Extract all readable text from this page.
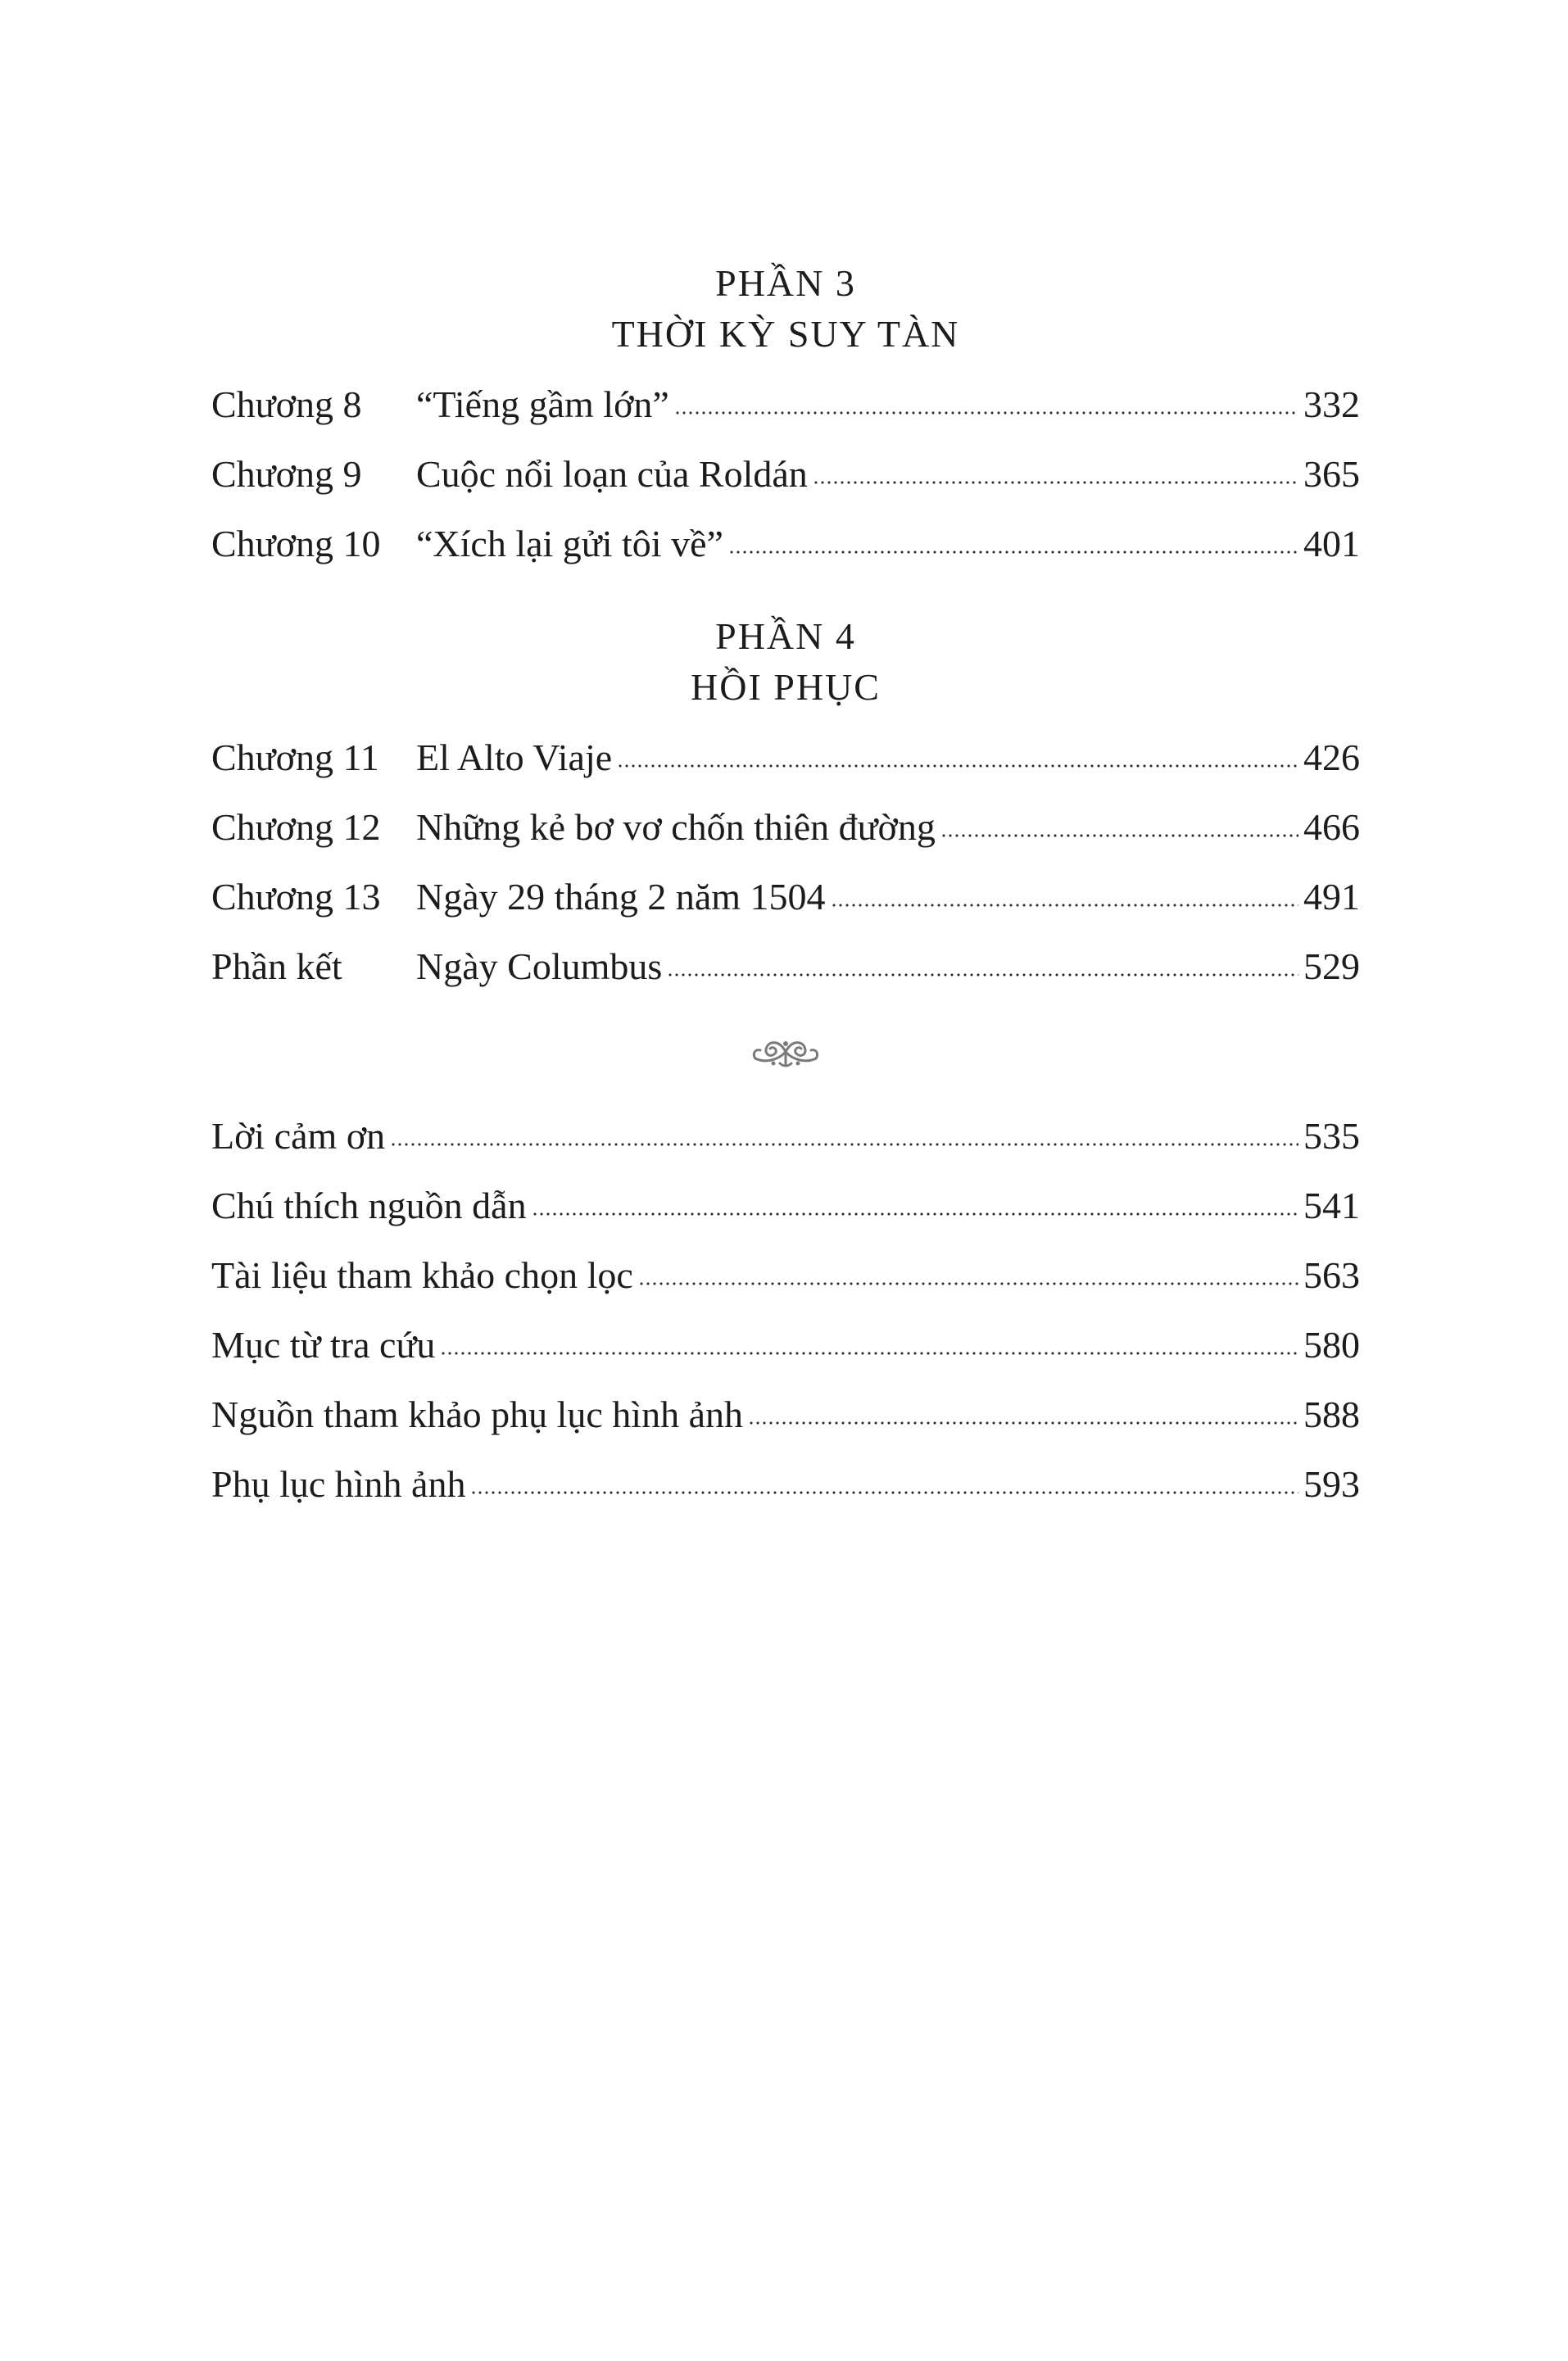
PHẦN 3
THỜI KỲ SUY TÀN
Chương 8	“Tiếng gầm lớn”	332
Chương 9	Cuộc nổi loạn của Roldán	365
Chương 10 “Xích lại gửi tôi về”	401
PHẦN 4
HỒI PHỤC
Chương 11 El Alto Viaje	426
Chương 12 Những kẻ bơ vơ chốn thiên đường	466
Chương 13 Ngày 29 tháng 2 năm 1504	491
Phần kết	Ngày Columbus	529
Lời cảm ơn	535
Chú thích nguồn dẫn	541
Tài liệu tham khảo chọn lọc	563
Mục từ tra cứu	580
Nguồn tham khảo phụ lục hình ảnh	588
Phụ lục hình ảnh	593
